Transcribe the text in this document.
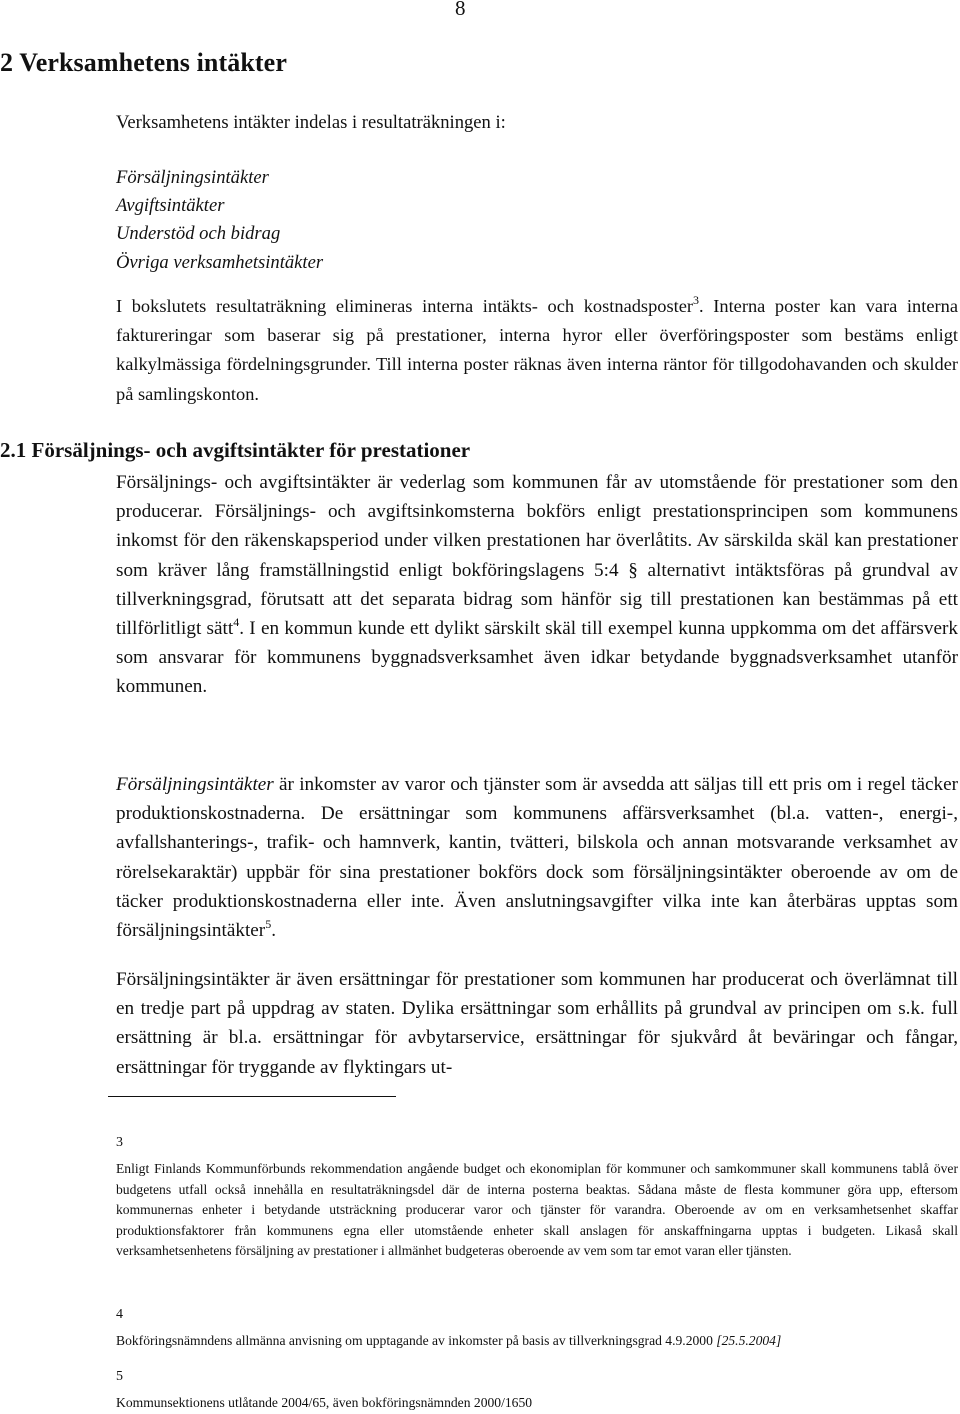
8
2 Verksamhetens intäkter

Verksamhetens intäkter indelas i resultaträkningen i:

Försäljningsintäkter
Avgiftsintäkter
Understöd och bidrag
Övriga verksamhetsintäkter

I bokslutets resultaträkning elimineras interna intäkts- och kostnadsposter$^3$. Interna poster kan vara interna faktureringar som baserar sig på prestationer, interna hyror eller överföringsposter som bestäms enligt kalkylmässiga fördelningsgrunder. Till interna poster räknas även interna räntor för tillgodohavanden och skulder på samlingskonton.

2.1 Försäljnings- och avgiftsintäkter för prestationer

Försäljnings- och avgiftsintäkter är vederlag som kommunen får av utomstående för prestationer som den producerar. Försäljnings- och avgiftsinkomsterna bokförs enligt prestationsprincipen som kommunens inkomst för den räkenskapsperiod under vilken prestationen har överlåtits. Av särskilda skäl kan prestationer som kräver lång framställningstid enligt bokföringslagens 5:4 § alternativt intäktsföras på grundval av tillverkningsgrad, förutsatt att det separata bidrag som hänför sig till prestationen kan bestämmas på ett tillförlitligt sätt$^4$. I en kommun kunde ett dylikt särskilt skäl till exempel kunna uppkomma om det affärsverk som ansvarar för kommunens byggnadsverksamhet även idkar betydande byggnadsverksamhet utanför kommunen.

Försäljningsintäkter är inkomster av varor och tjänster som är avsedda att säljas till ett pris om i regel täcker produktionskostnaderna. De ersättningar som kommunens affärsverksamhet (bl.a. vatten-, energi-, avfallshanterings-, trafik- och hamnverk, kantin, tvätteri, bilskola och annan motsvarande verksamhet av rörelsekaraktär) uppbär för sina prestationer bokförs dock som försäljningsintäkter oberoende av om de täcker produktionskostnaderna eller inte. Även anslutningsavgifter vilka inte kan återbäras upptas som försäljningsintäkter$^5$.

Försäljningsintäkter är även ersättningar för prestationer som kommunen har producerat och överlämnat till en tredje part på uppdrag av staten. Dylika ersättningar som erhållits på grundval av principen om s.k. full ersättning är bl.a. ersättningar för avbytarservice, ersättningar för sjukvård åt beväringar och fångar, ersättningar för tryggande av flyktingars ut-

3
Enligt Finlands Kommunförbunds rekommendation angående budget och ekonomiplan för kommuner och samkommuner skall kommunens tablå över budgetens utfall också innehålla en resultaträkningsdel där de interna posterna beaktas. Sådana måste de flesta kommuner göra upp, eftersom kommunernas enheter i betydande utsträckning producerar varor och tjänster för varandra. Oberoende av om en verksamhetsenhet skaffar produktionsfaktorer från kommunens egna eller utomstående enheter skall anslagen för anskaffningarna upptas i budgeten. Likaså skall verksamhetsenhetens försäljning av prestationer i allmänhet budgeteras oberoende av vem som tar emot varan eller tjänsten.
4
Bokföringsnämndens allmänna anvisning om upptagande av inkomster på basis av tillverkningsgrad 4.9.2000 [25.5.2004]
5
Kommunsektionens utlåtande 2004/65, även bokföringsnämnden 2000/1650
